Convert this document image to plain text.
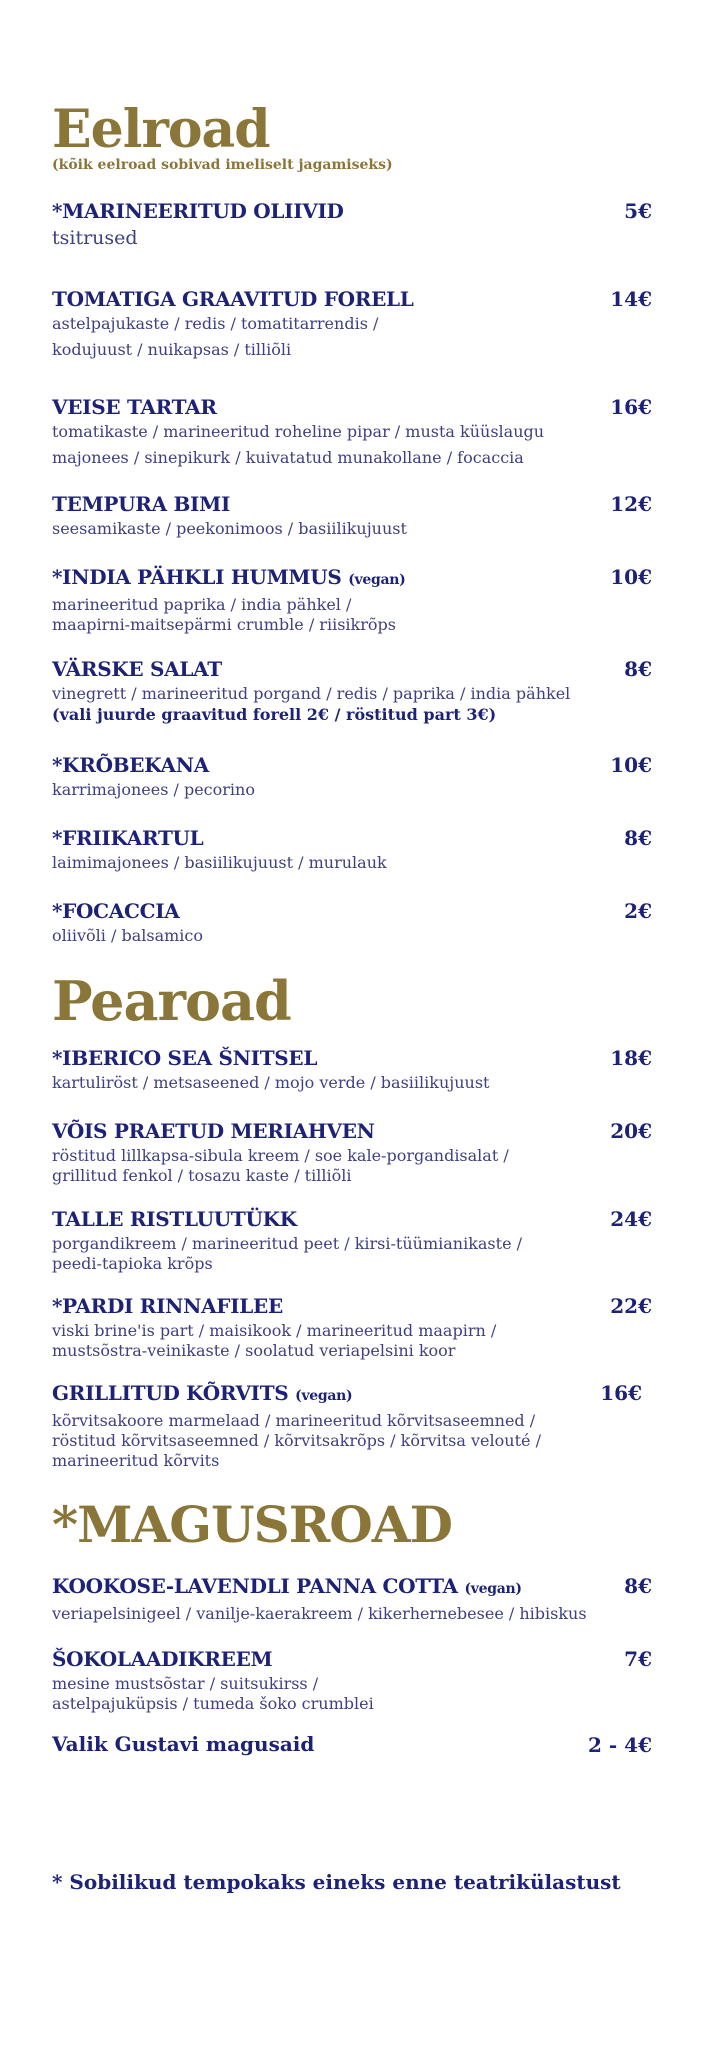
Eelroad
(kõik eelroad sobivad imeliselt jagamiseks)
*MARINEERITUD OLIIVID	5€
tsitrused
TOMATIGA GRAAVITUD FORELL	14€
astelpajukaste / redis / tomatitarrendis /
kodujuust / nuikapsas / tilliõli
VEISE TARTAR	16€
tomatikaste / marineeritud roheline pipar / musta küüslaugu
majonees / sinepikurk / kuivatatud munakollane / focaccia
TEMPURA BIMI	12€
seesamikaste / peekonimoos / basiilikujuust
*INDIA PÄHKLI HUMMUS (vegan)	10€
marineeritud paprika / india pähkel /
maapirni-maitsepärmi crumble / riisikrõps
VÄRSKE SALAT	8€
vinegrett / marineeritud porgand / redis / paprika / india pähkel
(vali juurde graavitud forell 2€ / röstitud part 3€)
*KRÕBEKANA	10€
karrimajonees / pecorino
*FRIIKARTUL	8€
laimimajonees / basiilikujuust / murulauk
*FOCACCIA	2€
oliivõli / balsamico
Pearoad
*IBERICO SEA ŠNITSEL	18€
kartuliröst / metsaseened / mojo verde / basiilikujuust
VÕIS PRAETUD MERIAHVEN	20€
röstitud lillkapsa-sibula kreem / soe kale-porgandisalat /
grillitud fenkol / tosazu kaste / tilliõli
TALLE RISTLUUTÜKK	24€
porgandikreem / marineeritud peet / kirsi-tüümianikaste /
peedi-tapioka krõps
*PARDI RINNAFILEE	22€
viski brine'is part / maisikook / marineeritud maapirn /
mustsõstra-veinikaste / soolatud veriapelsini koor
GRILLITUD KÕRVITS (vegan)	16€
kõrvitsakoore marmelaad / marineeritud kõrvitsaseemned /
röstitud kõrvitsaseemned / kõrvitsakrõps / kõrvitsa velouté /
marineeritud kõrvits
*MAGUSROAD
KOOKOSE-LAVENDLI PANNA COTTA (vegan)	8€
veriapelsinigeel / vanilje-kaerakreem / kikerhernebesee / hibiskus
ŠOKOLAADIKREEM	7€
mesine mustsõstar / suitsukirss /
astelpajuküpsis / tumeda šoko crumblei
Valik Gustavi magusaid	2 - 4€
* Sobilikud tempokaks eineks enne teatrikülastust
